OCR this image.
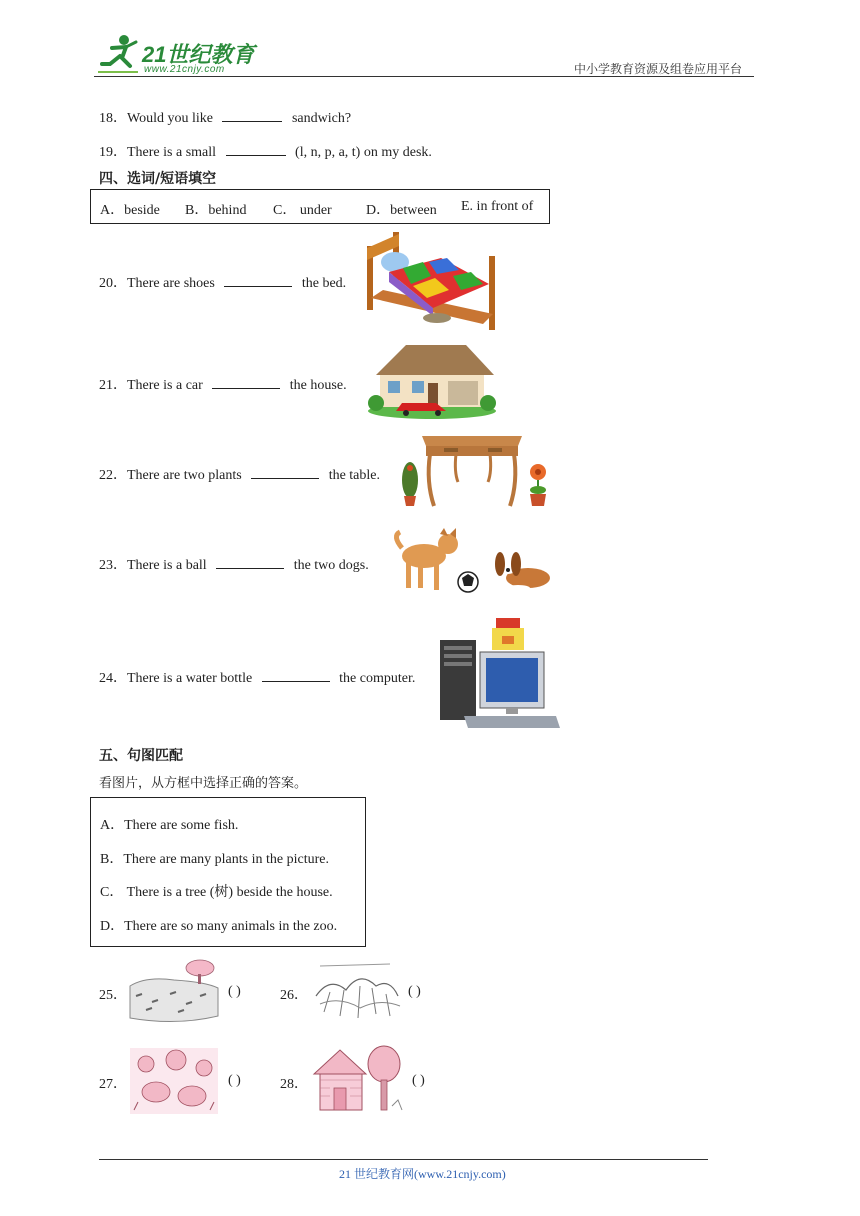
21世纪教育
www.21cnjy.com	中小学教育资源及组卷应用平台
18．Would you like	sandwich?
19．There is a small	(l, n, p, a, t) on my desk.
四、选词/短语填空
A．beside B．behind C． under D．between E. in front of
20．There are shoes	the bed.
21．There is a car	the house.
22．There are two plants	the table.
23．There is a ball	the two dogs.
24．There is a water bottle	the computer.
五、句图匹配
看图片，从方框中选择正确的答案。
A．There are some fish.
B．There are many plants in the picture.
C． There is a tree (树) beside the house.
D．There are so many animals in the zoo.
25．	( )	26．	( )
27．	( )	28．	( )
21 世纪教育网(www.21cnjy.com)
